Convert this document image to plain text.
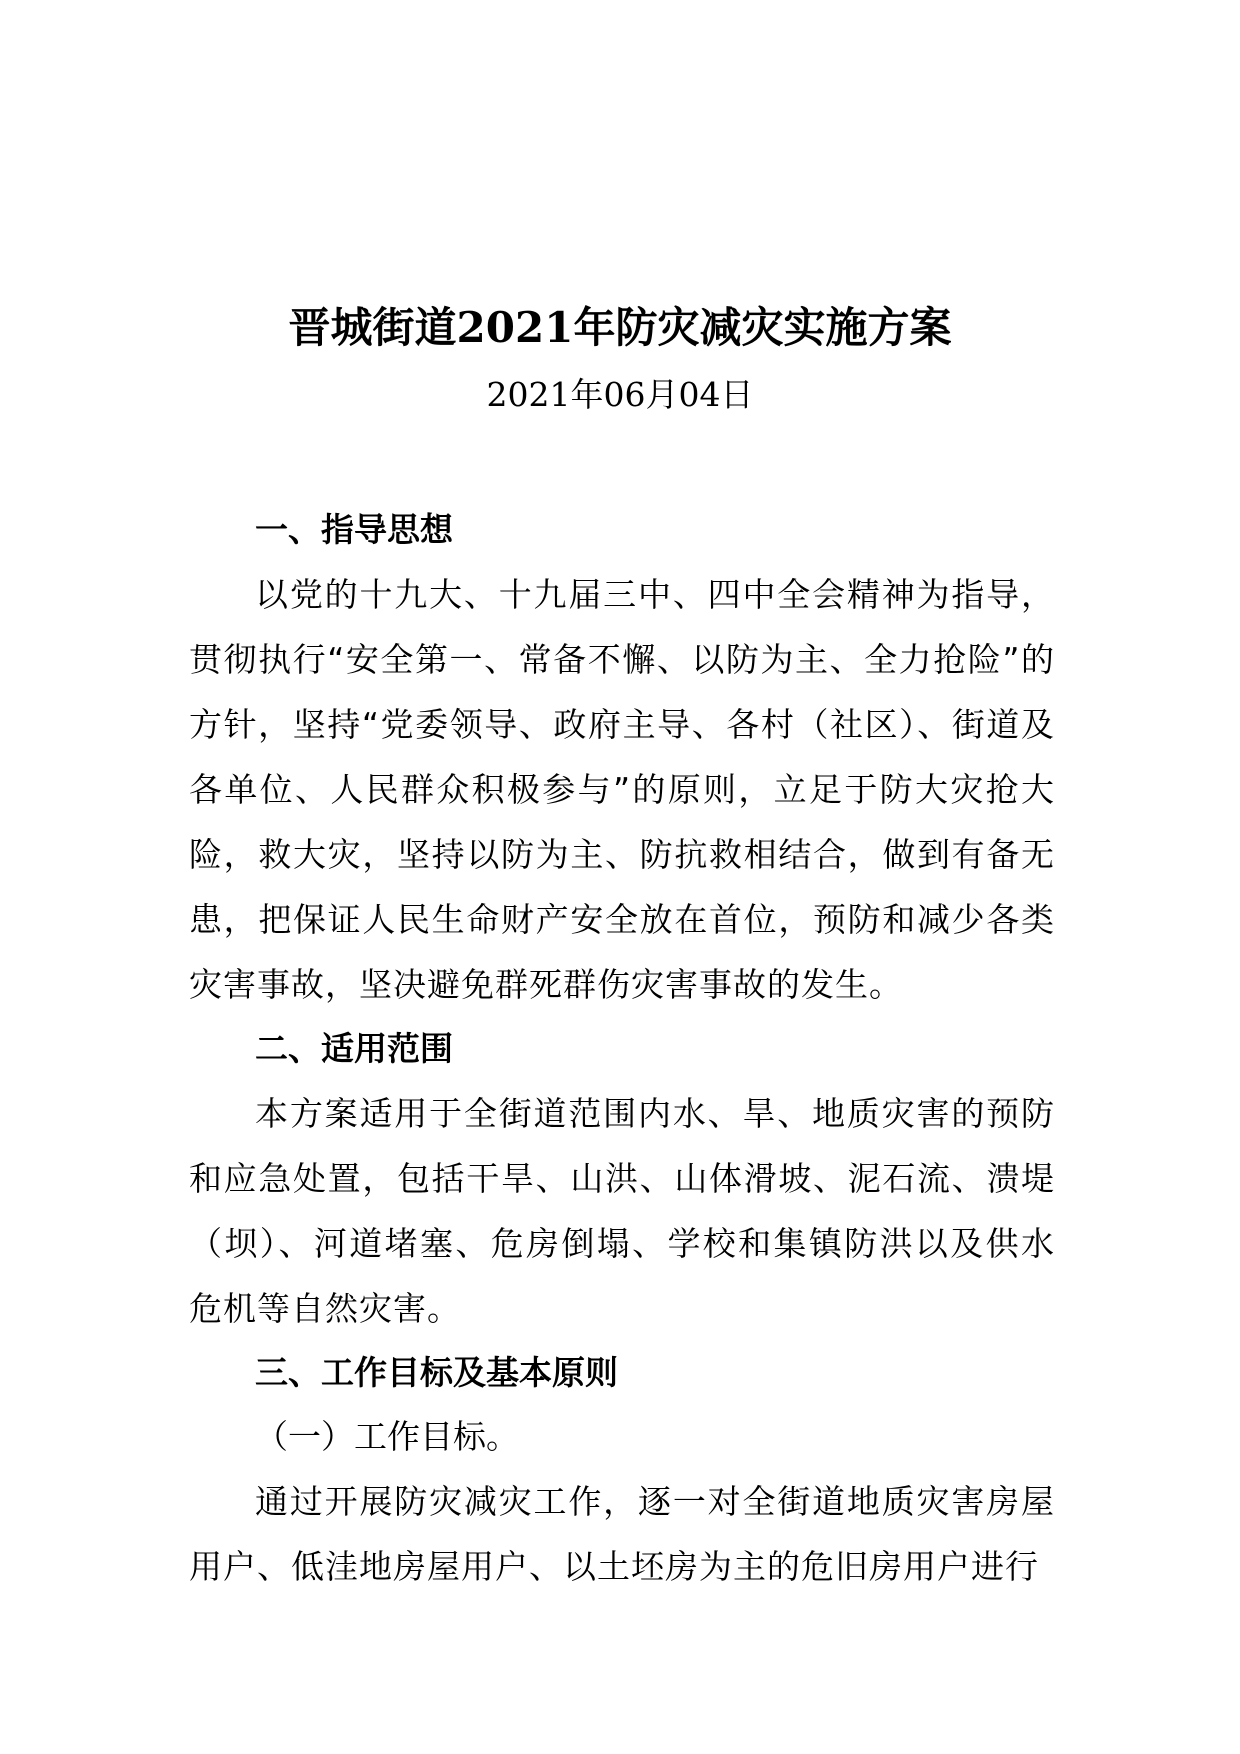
晋城街道2021年防灾减灾实施方案
2021年06月04日

一、指导思想

以党的十九大、十九届三中、四中全会精神为指导，贯彻执行“安全第一、常备不懈、以防为主、全力抢险”的方针，坚持“党委领导、政府主导、各村（社区）、街道及各单位、人民群众积极参与”的原则，立足于防大灾抢大险，救大灾，坚持以防为主、防抗救相结合，做到有备无患，把保证人民生命财产安全放在首位，预防和减少各类灾害事故，坚决避免群死群伤灾害事故的发生。

二、适用范围

本方案适用于全街道范围内水、旱、地质灾害的预防和应急处置，包括干旱、山洪、山体滑坡、泥石流、溃堤（坝）、河道堵塞、危房倒塌、学校和集镇防洪以及供水危机等自然灾害。

三、工作目标及基本原则

（一）工作目标。

通过开展防灾减灾工作，逐一对全街道地质灾害房屋用户、低洼地房屋用户、以土坯房为主的危旧房用户进行
